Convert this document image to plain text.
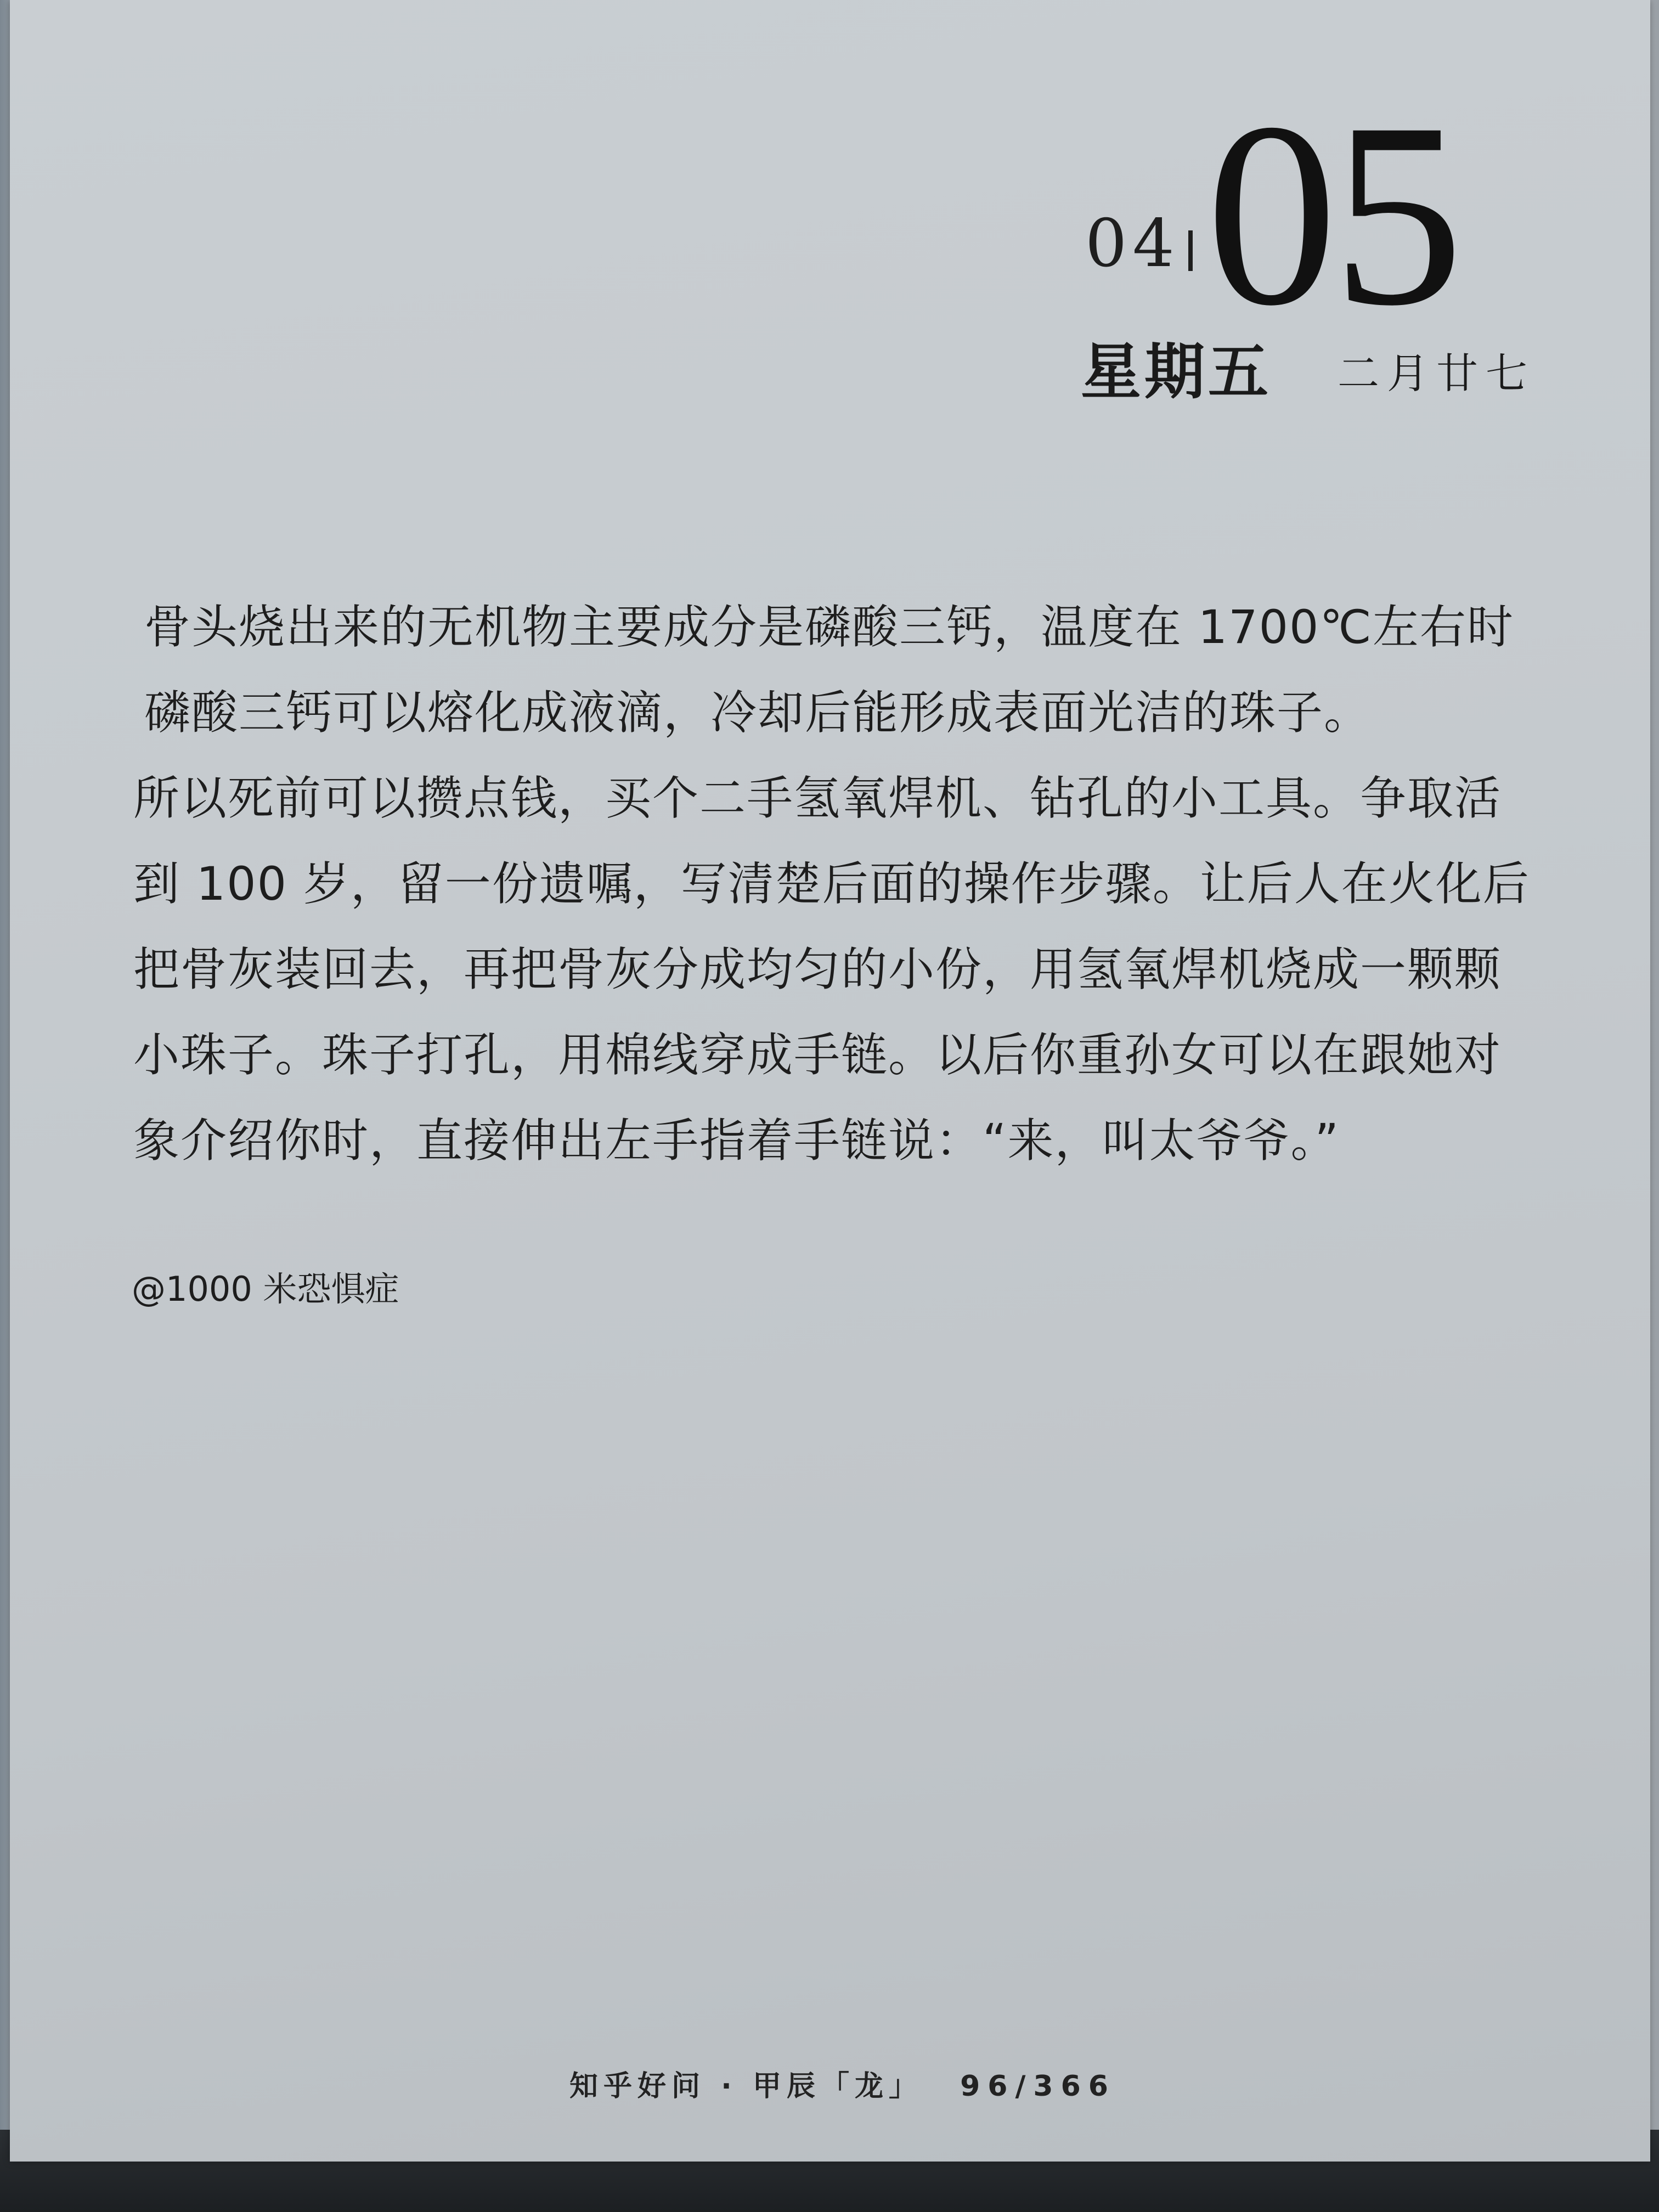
04 05
星期五 二月廿七

骨头烧出来的无机物主要成分是磷酸三钙，温度在 1700℃左右时

磷酸三钙可以熔化成液滴，冷却后能形成表面光洁的珠子。

所以死前可以攒点钱，买个二手氢氧焊机、钻孔的小工具。争取活

到 100 岁，留一份遗嘱，写清楚后面的操作步骤。让后人在火化后

把骨灰装回去，再把骨灰分成均匀的小份，用氢氧焊机烧成一颗颗

小珠子。珠子打孔，用棉线穿成手链。以后你重孙女可以在跟她对

象介绍你时，直接伸出左手指着手链说：“来，叫太爷爷。”

@1000 米恐惧症
知乎好问 · 甲辰「龙」 96/366
